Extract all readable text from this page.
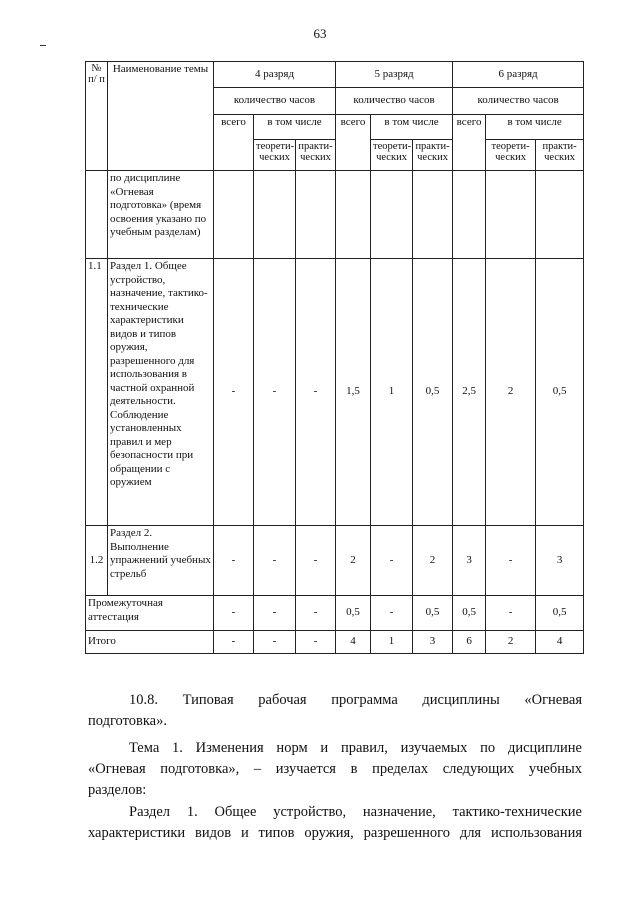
63
№ п/ п	Наименование темы	4 разряд			5 разряд			6 разряд		
		количество часов			количество часов			количество часов		
		всего	в том числе		всего	в том числе		всего	в том числе	
			теорети-ческих	практи-ческих		теорети-ческих	практи-ческих		теорети-ческих	практи-ческих
	по дисциплине «Огневая подготовка» (время освоения указано по учебным разделам)									
1.1	Раздел 1. Общее устройство, назначение, тактико-технические характеристики видов и типов оружия, разрешенного для использования в частной охранной деятельности. Соблюдение установленных правил и мер безопасности при обращении с оружием	-	-	-	1,5	1	0,5	2,5	2	0,5
1.2	Раздел 2. Выполнение упражнений учебных стрельб	-	-	-	2	-	2	3	-	3
Промежуточная аттестация		-	-	-	0,5	-	0,5	0,5	-	0,5
Итого		-	-	-	4	1	3	6	2	4
10.8. Типовая рабочая программа дисциплины «Огневая
подготовка».
Тема 1. Изменения норм и правил, изучаемых по дисциплине
«Огневая подготовка», – изучается в пределах следующих учебных
разделов:
Раздел 1. Общее устройство, назначение, тактико-технические
характеристики видов и типов оружия, разрешенного для использования
